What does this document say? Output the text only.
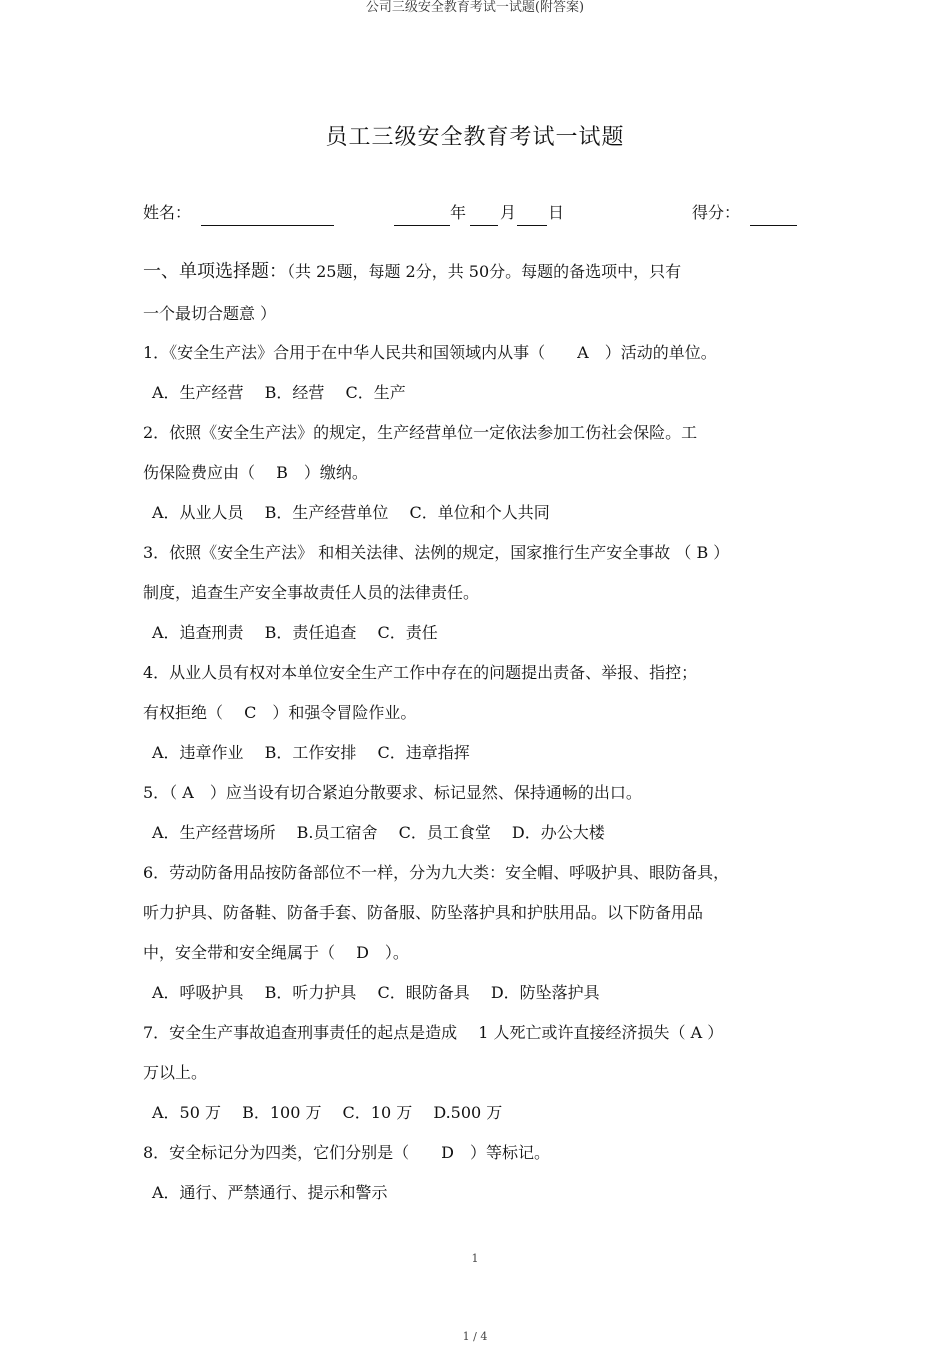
公司三级安全教育考试一试题(附答案)
员工三级安全教育考试一试题
姓名：	年 月 日	得分：
一、单项选择题：（共 25题，每题 2分，共 50分。每题的备选项中，只有
一个最切合题意 ）
1．《安全生产法》合用于在中华人民共和国领域内从事（　　A　）活动的单位。
A．生产经营　 B．经营　 C．生产
2．依照《安全生产法》的规定，生产经营单位一定依法参加工伤社会保险。工
伤保险费应由（　 B　）缴纳。
A．从业人员　 B．生产经营单位　 C．单位和个人共同
3．依照《安全生产法》 和相关法律、法例的规定，国家推行生产安全事故 （ B ）
制度，追查生产安全事故责任人员的法律责任。
A．追查刑责　 B．责任追查　 C．责任
4．从业人员有权对本单位安全生产工作中存在的问题提出责备、举报、指控；
有权拒绝（　 C　）和强令冒险作业。
A．违章作业　 B．工作安排　 C．违章指挥
5．（ A　）应当设有切合紧迫分散要求、标记显然、保持通畅的出口。
A．生产经营场所　 B.员工宿舍　 C．员工食堂　 D．办公大楼
6．劳动防备用品按防备部位不一样，分为九大类：安全帽、呼吸护具、眼防备具，
听力护具、防备鞋、防备手套、防备服、防坠落护具和护肤用品。以下防备用品
中，安全带和安全绳属于（　 D　）。
A．呼吸护具　 B．听力护具　 C．眼防备具　 D．防坠落护具
7．安全生产事故追查刑事责任的起点是造成　 1 人死亡或许直接经济损失（ A ）
万以上。
A．50 万　 B．100 万　 C．10 万　 D.500 万
8．安全标记分为四类，它们分别是（　　D　）等标记。
A．通行、严禁通行、提示和警示
1
1 / 4
